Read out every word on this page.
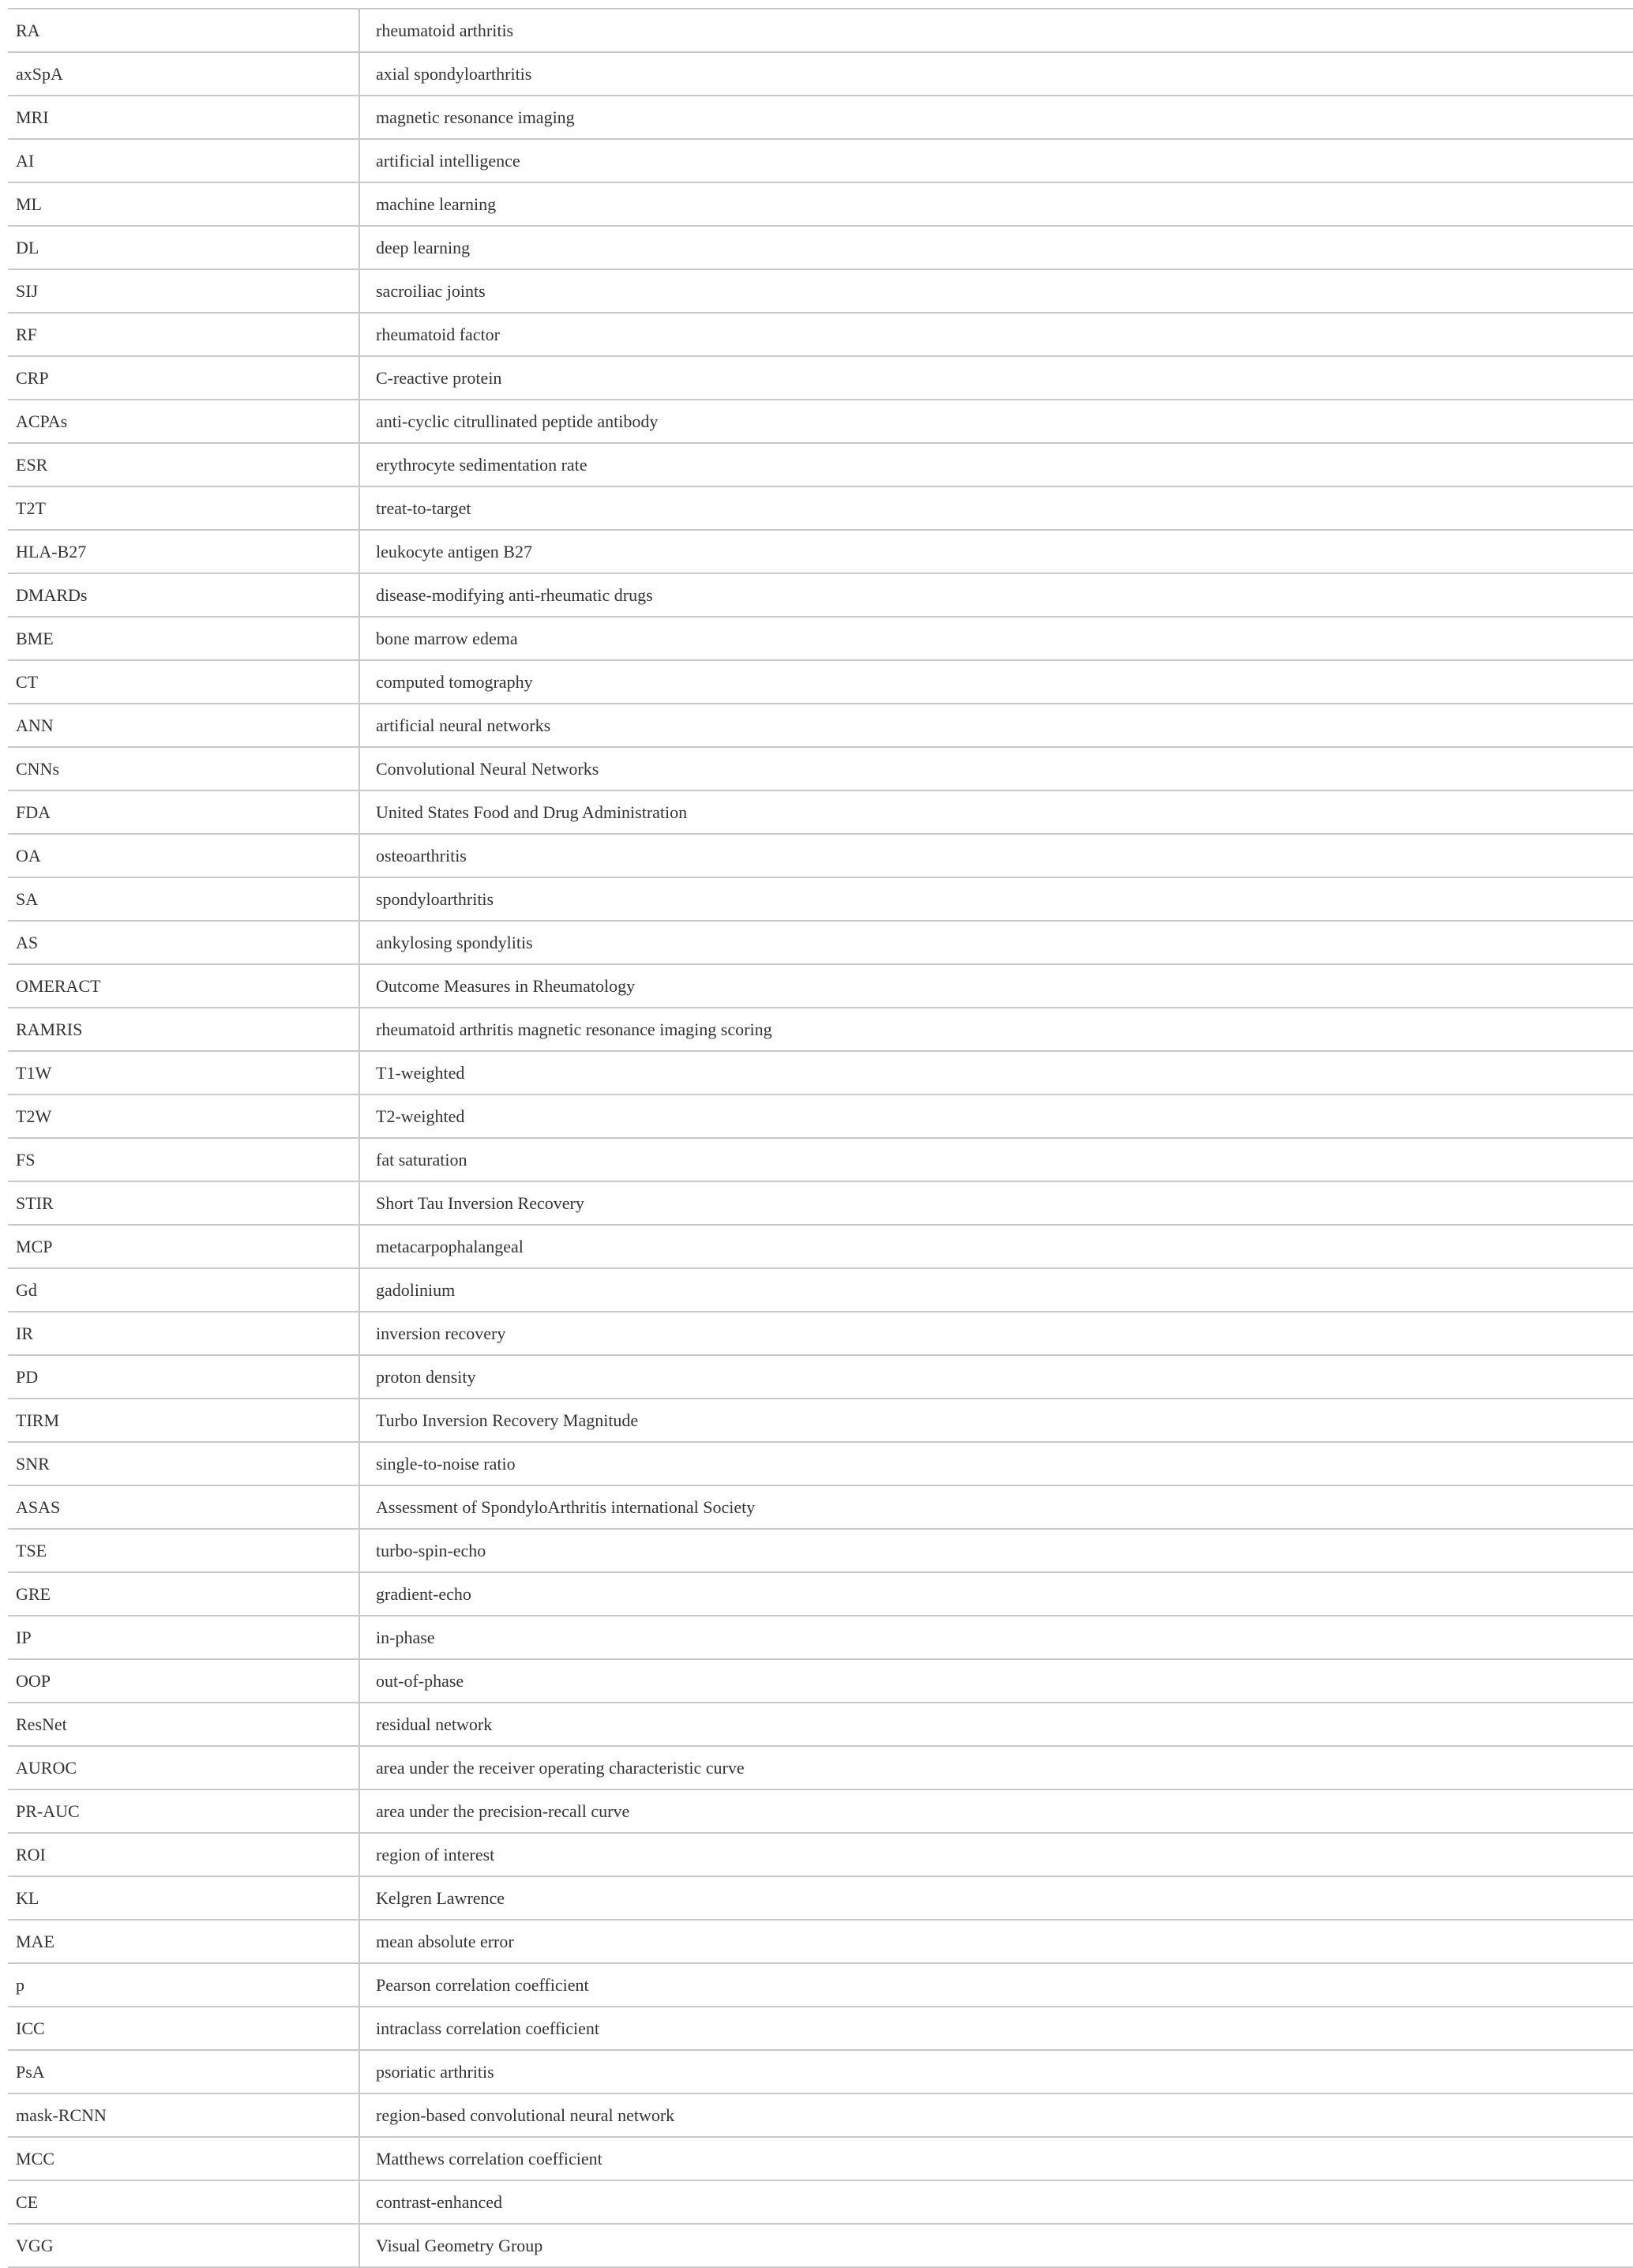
RA	rheumatoid arthritis
axSpA	axial spondyloarthritis
MRI	magnetic resonance imaging
AI	artificial intelligence
ML	machine learning
DL	deep learning
SIJ	sacroiliac joints
RF	rheumatoid factor
CRP	C-reactive protein
ACPAs	anti-cyclic citrullinated peptide antibody
ESR	erythrocyte sedimentation rate
T2T	treat-to-target
HLA-B27	leukocyte antigen B27
DMARDs	disease-modifying anti-rheumatic drugs
BME	bone marrow edema
CT	computed tomography
ANN	artificial neural networks
CNNs	Convolutional Neural Networks
FDA	United States Food and Drug Administration
OA	osteoarthritis
SA	spondyloarthritis
AS	ankylosing spondylitis
OMERACT	Outcome Measures in Rheumatology
RAMRIS	rheumatoid arthritis magnetic resonance imaging scoring
T1W	T1-weighted
T2W	T2-weighted
FS	fat saturation
STIR	Short Tau Inversion Recovery
MCP	metacarpophalangeal
Gd	gadolinium
IR	inversion recovery
PD	proton density
TIRM	Turbo Inversion Recovery Magnitude
SNR	single-to-noise ratio
ASAS	Assessment of SpondyloArthritis international Society
TSE	turbo-spin-echo
GRE	gradient-echo
IP	in-phase
OOP	out-of-phase
ResNet	residual network
AUROC	area under the receiver operating characteristic curve
PR-AUC	area under the precision-recall curve
ROI	region of interest
KL	Kelgren Lawrence
MAE	mean absolute error
p	Pearson correlation coefficient
ICC	intraclass correlation coefficient
PsA	psoriatic arthritis
mask-RCNN	region-based convolutional neural network
MCC	Matthews correlation coefficient
CE	contrast-enhanced
VGG	Visual Geometry Group
